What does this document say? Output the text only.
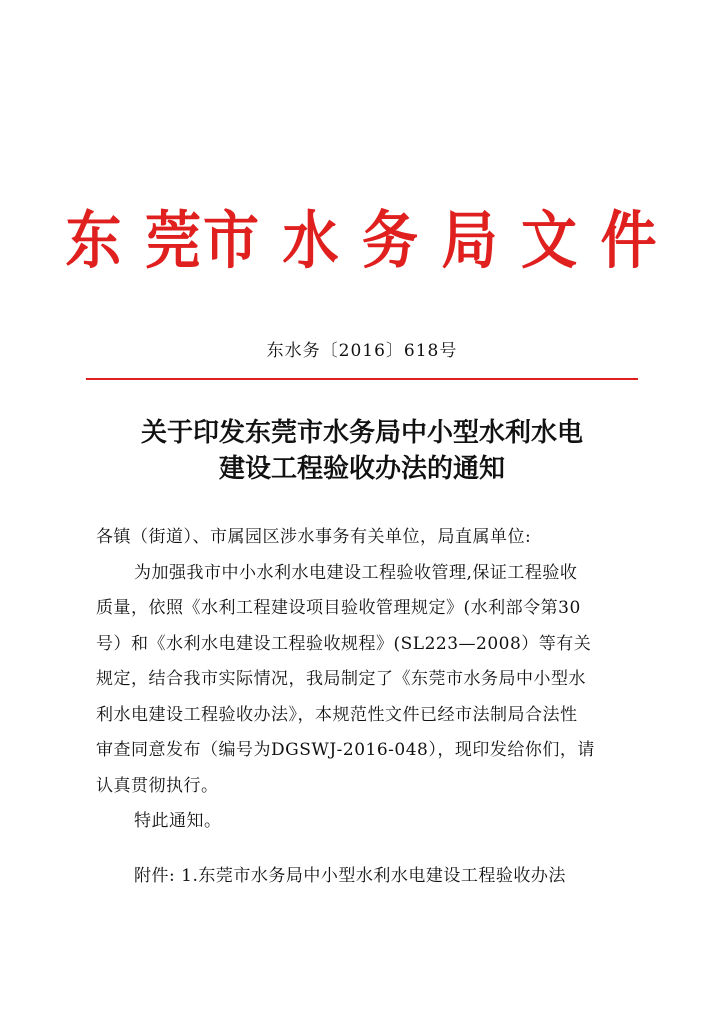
东 莞市 水 务 局 文 件
东水务〔2016〕618号
关于印发东莞市水务局中小型水利水电
建设工程验收办法的通知
各镇（街道）、市属园区涉水事务有关单位，局直属单位:
为加强我市中小水利水电建设工程验收管理,保证工程验收
质量，依照《水利工程建设项目验收管理规定》(水利部令第30
号）和《水利水电建设工程验收规程》(SL223—2008）等有关
规定，结合我市实际情况，我局制定了《东莞市水务局中小型水
利水电建设工程验收办法》，本规范性文件已经市法制局合法性
审查同意发布（编号为DGSWJ-2016-048），现印发给你们，请
认真贯彻执行。
特此通知。
附件: 1.东莞市水务局中小型水利水电建设工程验收办法
